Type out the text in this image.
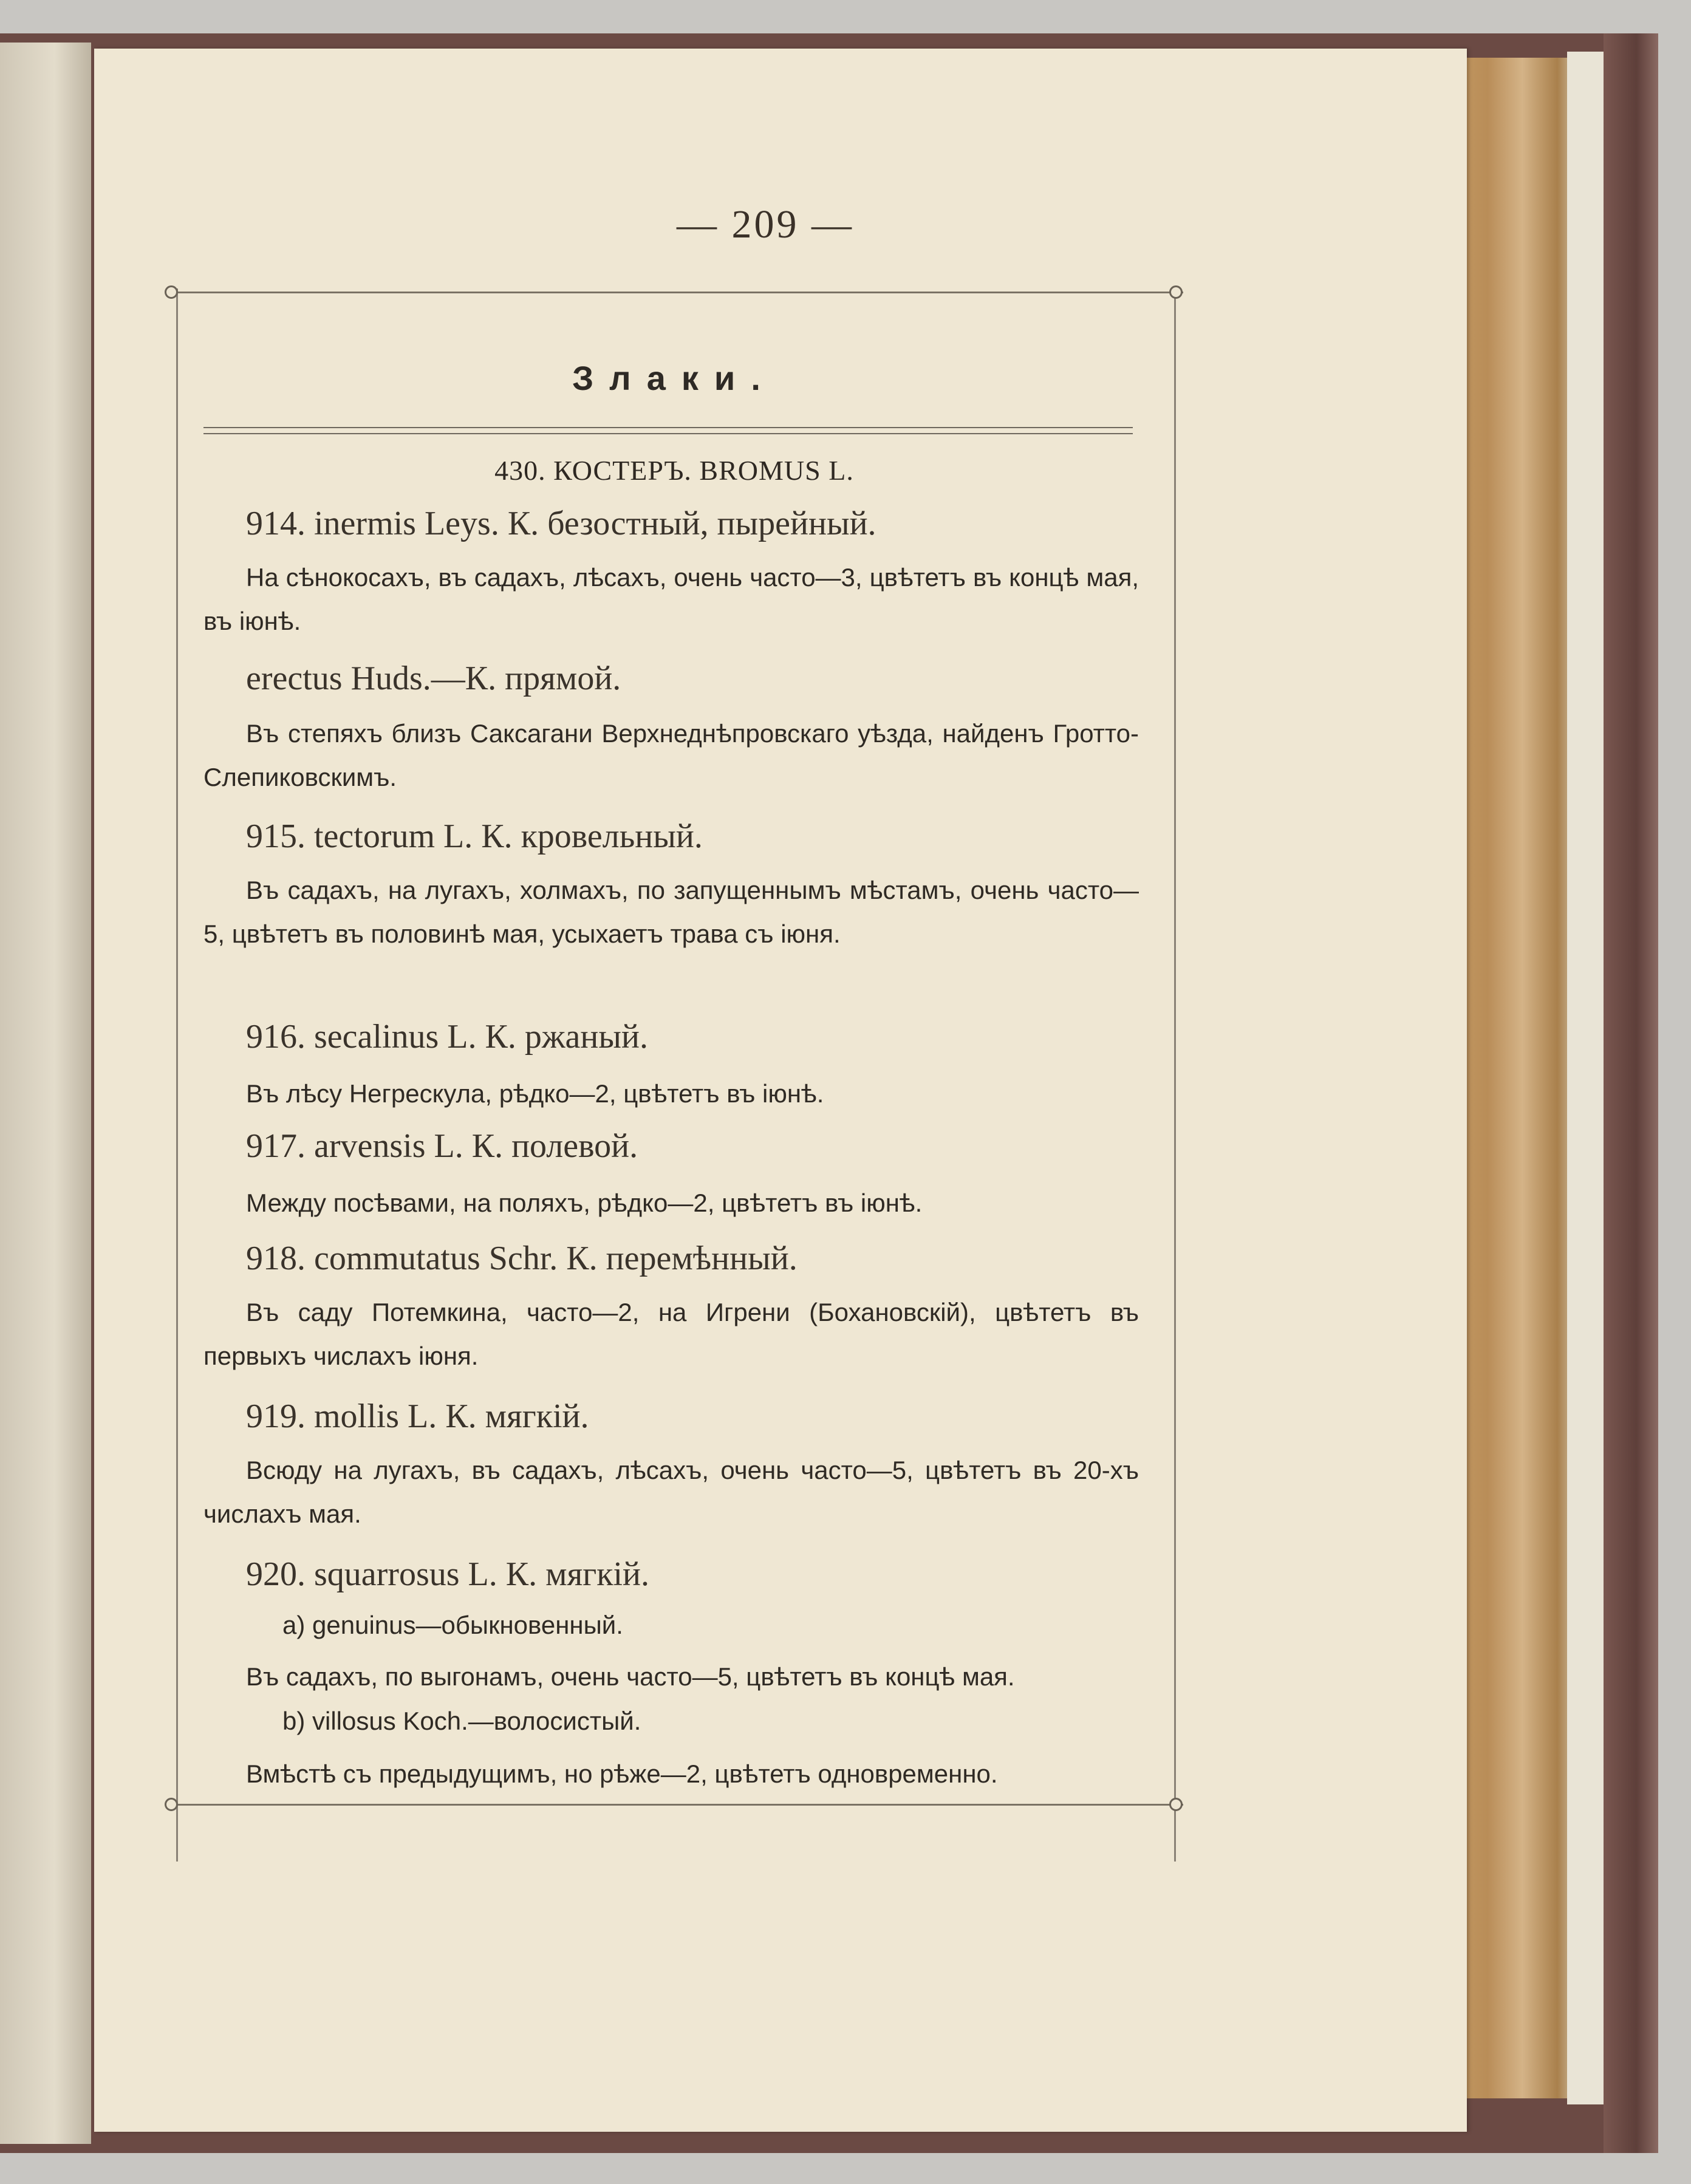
— 209 —
Злаки.
430. КОСТЕРЪ. BROMUS L.
914. inermis Leys. К. безостный, пырейный.
На сѣнокосахъ, въ садахъ, лѣсахъ, очень часто—3, цвѣтетъ въ концѣ мая, въ іюнѣ.
erectus Huds.—К. прямой.
Въ степяхъ близъ Саксагани Верхнеднѣпровскаго уѣзда, найденъ Гротто-Слепиковскимъ.
915. tectorum L. К. кровельный.
Въ садахъ, на лугахъ, холмахъ, по запущеннымъ мѣстамъ, очень часто—5, цвѣтетъ въ половинѣ мая, усыхаетъ трава съ іюня.
916. secalinus L. К. ржаный.
Въ лѣсу Негрескула, рѣдко—2, цвѣтетъ въ іюнѣ.
917. arvensis L. К. полевой.
Между посѣвами, на поляхъ, рѣдко—2, цвѣтетъ въ іюнѣ.
918. commutatus Schr. К. перемѣнный.
Въ саду Потемкина, часто—2, на Игрени (Бохановскій), цвѣтетъ въ первыхъ числахъ іюня.
919. mollis L. К. мягкій.
Всюду на лугахъ, въ садахъ, лѣсахъ, очень часто—5, цвѣтетъ въ 20-хъ числахъ мая.
920. squarrosus L. К. мягкій.
a) genuinus—обыкновенный.
Въ садахъ, по выгонамъ, очень часто—5, цвѣтетъ въ концѣ мая.
b) villosus Koch.—волосистый.
Вмѣстѣ съ предыдущимъ, но рѣже—2, цвѣтетъ одновременно.
